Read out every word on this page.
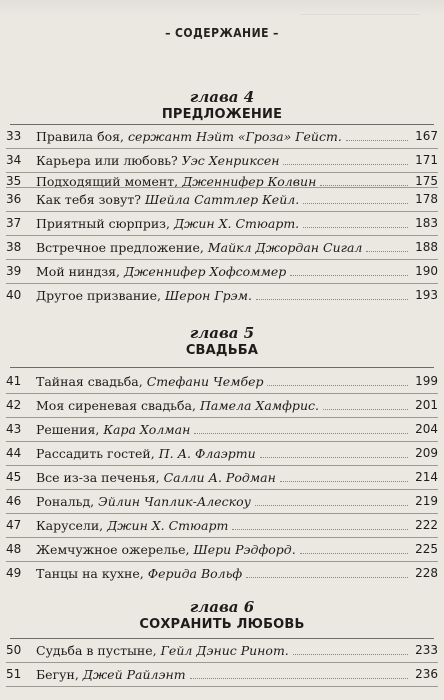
– СОДЕРЖАНИЕ –
глава 4
ПРЕДЛОЖЕНИЕ
33	Правила боя, сержант Нэйт «Гроза» Гейст.	167
34	Карьера или любовь? Уэс Хенриксен	171
35	Подходящий момент, Дженнифер Колвин	175
36	Как тебя зовут? Шейла Саттлер Кейл.	178
37	Приятный сюрприз, Джин Х. Стюарт.	183
38	Встречное предложение, Майкл Джордан Сигал	188
39	Мой ниндзя, Дженнифер Хофсоммер	190
40	Другое призвание, Шерон Грэм.	193
глава 5
СВАДЬБА
41	Тайная свадьба, Стефани Чембер	199
42	Моя сиреневая свадьба, Памела Хамфрис.	201
43	Решения, Кара Холман	204
44	Рассадить гостей, П. А. Флаэрти	209
45	Все из-за печенья, Салли А. Родман	214
46	Рональд, Эйлин Чаплик-Алескоу	219
47	Карусели, Джин Х. Стюарт	222
48	Жемчужное ожерелье, Шери Рэдфорд.	225
49	Танцы на кухне, Ферида Вольф	228
глава 6
СОХРАНИТЬ ЛЮБОВЬ
50	Судьба в пустыне, Гейл Дэнис Ринот.	233
51	Бегун, Джей Райлэнт	236
